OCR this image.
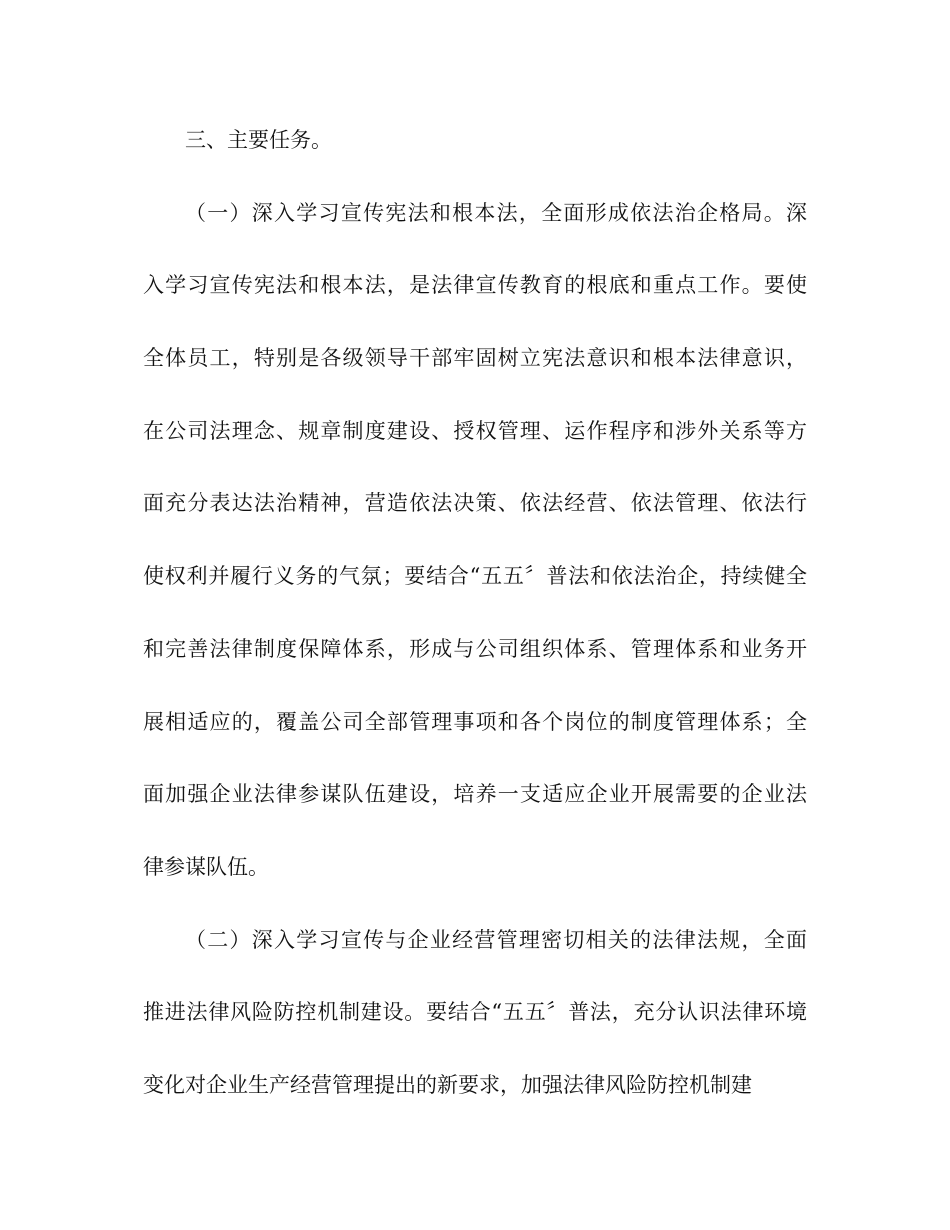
三、主要任务。
（一）深入学习宣传宪法和根本法，全面形成依法治企格局。深
入学习宣传宪法和根本法，是法律宣传教育的根底和重点工作。要使
全体员工，特别是各级领导干部牢固树立宪法意识和根本法律意识，
在公司法理念、规章制度建设、授权管理、运作程序和涉外关系等方
面充分表达法治精神，营造依法决策、依法经营、依法管理、依法行
使权利并履行义务的气氛；要结合“五五〞普法和依法治企，持续健全
和完善法律制度保障体系，形成与公司组织体系、管理体系和业务开
展相适应的，覆盖公司全部管理事项和各个岗位的制度管理体系；全
面加强企业法律参谋队伍建设，培养一支适应企业开展需要的企业法
律参谋队伍。
（二）深入学习宣传与企业经营管理密切相关的法律法规，全面
推进法律风险防控机制建设。要结合“五五〞普法，充分认识法律环境
变化对企业生产经营管理提出的新要求，加强法律风险防控机制建
